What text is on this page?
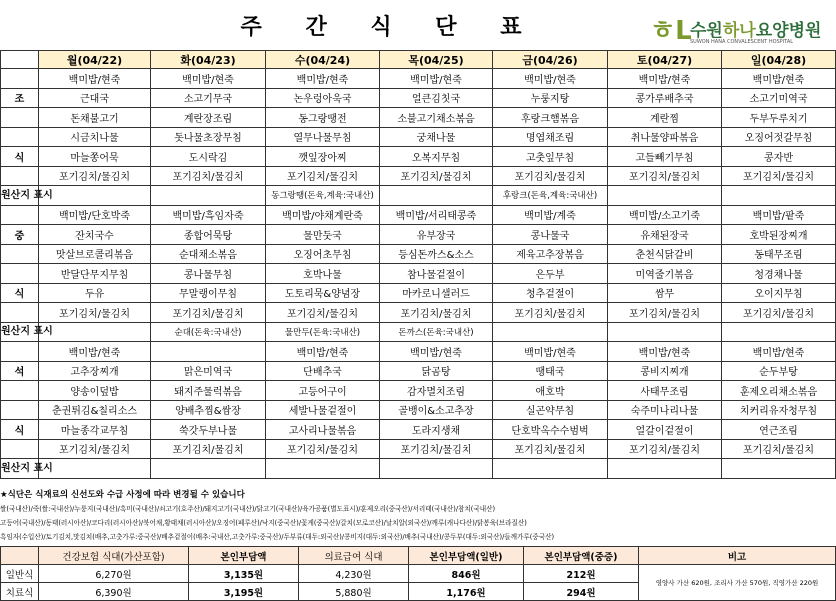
주 간 식 단 표	ㅎL
수원하나요양병원
SUWON HANA CONVALESCENT HOSPITAL
	월(04/22)	화(04/23)	수(04/24)	목(04/25)	금(04/26)	토(04/27)	일(04/28)
	백미밥/현죽	백미밥/현죽	백미밥/현죽	백미밥/현죽	백미밥/현죽	백미밥/현죽	백미밥/현죽
조	근대국	소고기무국	논우렁아욱국	얼큰김칫국	누룽지탕	콩가루배추국	소고기미역국
	돈채불고기	계란장조림	동그랑땡전	소불고기채소볶음	후랑크햄볶음	계란찜	두부두루치기
	시금치나물	돗나물초장무침	열무나물무침	궁채나물	명엽채조림	취나물양파볶음	오징어젓갈무침
식	마늘쫑어묵	도시락김	깻잎장아찌	오복지무침	고춧잎무침	고들빼기무침	콩자반
	포기김치/물김치	포기김치/물김치	포기김치/물김치	포기김치/물김치	포기김치/물김치	포기김치/물김치	포기김치/물김치
원산지 표시			동그랑땡(돈육,계육:국내산)		후랑크(돈육,계육:국내산)		
	백미밥/단호박죽	백미밥/흑임자죽	백미밥/야채계란죽	백미밥/서리태콩죽	백미밥/계죽	백미밥/소고기죽	백미밥/팥죽
중	잔치국수	종합어묵탕	물만둣국	유부장국	콩나물국	유채된장국	호박된장찌개
	맛살브로콜리볶음	순대채소볶음	오징어초무침	등심돈까스&소스	제육고추장볶음	춘천식닭갈비	동태무조림
	반달단무지무침	콩나물무침	호박나물	참나물겉절이	은두부	미역줄기볶음	청경채나물
식	두유	무말랭이무침	도토리묵&양념장	마카로니샐러드	청추겉절이	쌈무	오이지무침
	포기김치/물김치	포기김치/물김치	포기김치/물김치	포기김치/물김치	포기김치/물김치	포기김치/물김치	포기김치/물김치
원산지 표시		순대(돈육:국내산)	물만두(돈육:국내산)	돈까스(돈육:국내산)			
	백미밥/현죽		백미밥/현죽	백미밥/현죽	백미밥/현죽	백미밥/현죽	백미밥/현죽
석	고추장찌개	맑은미역국	단배추국	닭곰탕	땡태국	콩비지찌개	순두부탕
	양송이덮밥	돼지주물럭볶음	고등어구이	감자멸치조림	애호박	사태무조림	훈제오리채소볶음
	춘권튀김&칠리소스	양배추찜&쌈장	세발나물겉절이	골뱅이&소고추장	실곤약무침	숙주미나리나물	치커리유자청무침
식	마늘종각교무침	쑥갓두부나물	고사리나물볶음	도라지생채	단호박옥수수범벅	얼갈이겉절이	연근조림
	포기김치/물김치	포기김치/물김치	포기김치/물김치	포기김치/물김치	포기김치/물김치	포기김치/물김치	포기김치/물김치
원산지 표시							
★식단은 식재료의 신선도와 수급 사정에 따라 변경될 수 있습니다
쌀(국내산)/죽(쌀:국내산)/누룽지(국내산)/흑미(국내산)/쇠고기(호주산)/돼지고기(국내산)/닭고기(국내산)/육가공품(별도표시)/훈제오리(중국산)/서리태(국내산)/참치(국내산)
고등어(국내산)/동태(러시아산)/코다리(러시아산)/북어채,황태채(러시아산)/오징어(페루산)/낙지(중국산)/꽃게(중국산)/갈치(모로코산)/날치알(외국산)/깨루(캐나다산)/닭봉육(브라질산)
흑임자(수입산)/토기김치,맛김치(배추,고춧가루:중국산)/배추겉절이(배추:국내산,고춧가루:중국산)/두부류(대두:외국산)/콩비지(대두:외국산)/배추(국내산)/콩두부(대두:외국산)/들깨가루(중국산)
	건강보험 식대(가산포함)	본인부담액	의료급여 식대	본인부담액(일반)	본인부담액(중증)	비고
일반식	6,270원	3,135원	4,230원	846원	212원	영양사 가산 620원, 조리사 가산 570원, 직영가산 220원
치료식	6,390원	3,195원	5,880원	1,176원	294원	
